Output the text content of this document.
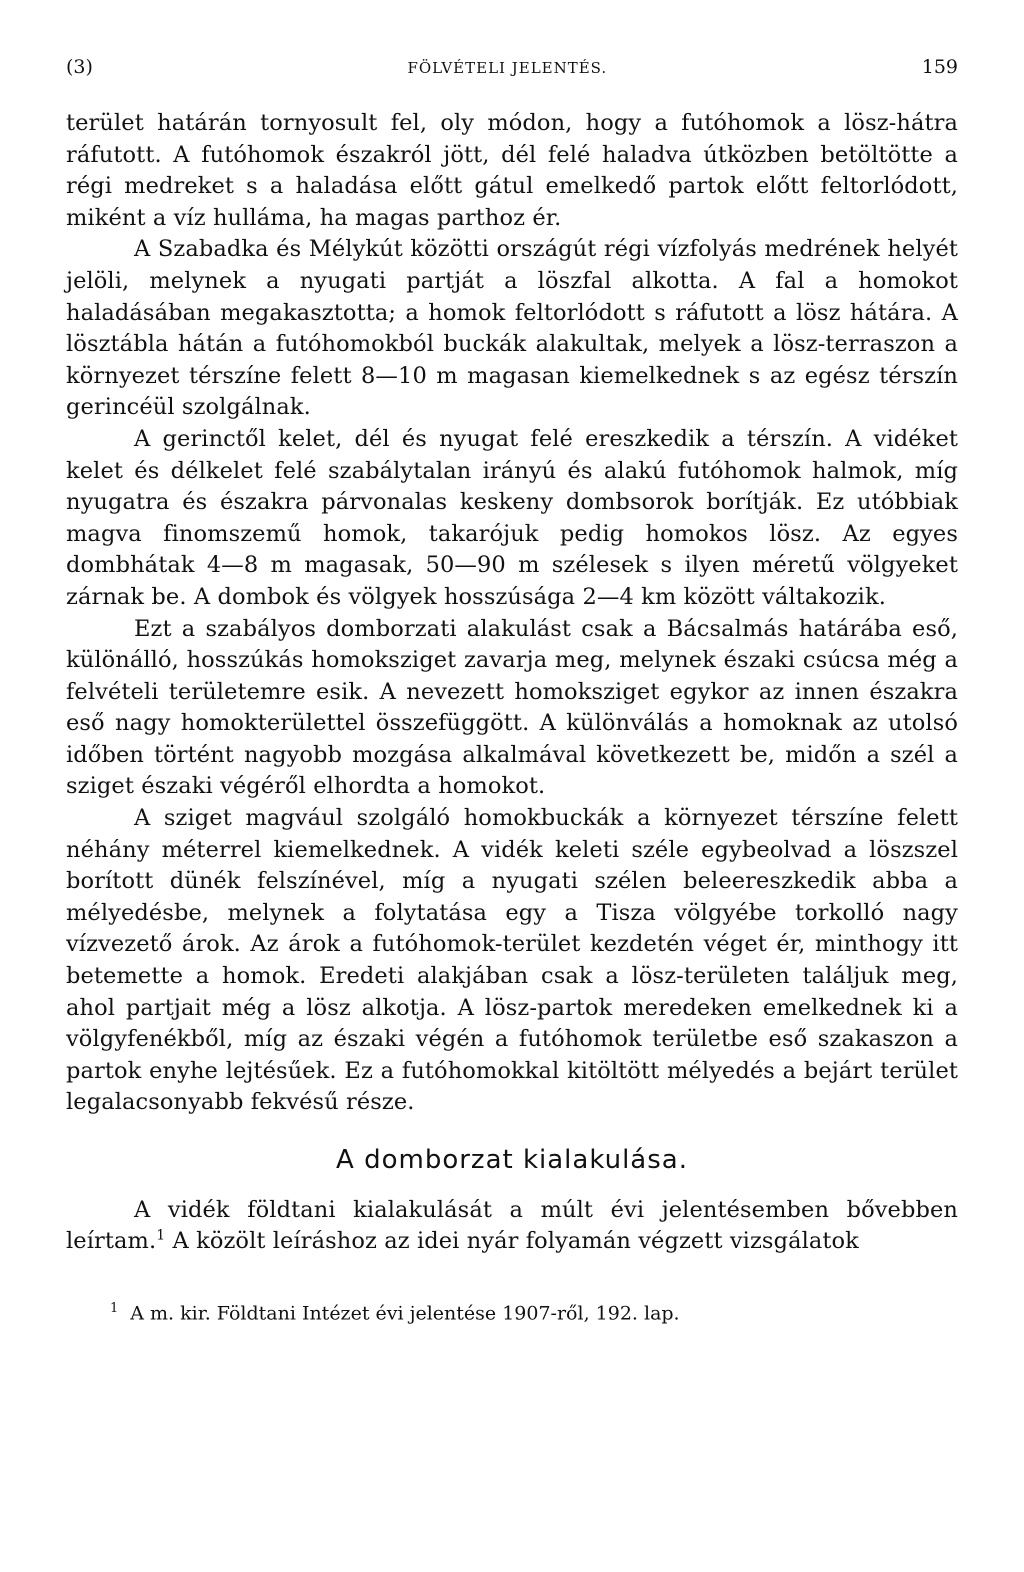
(3)	FÖLVÉTELI JELENTÉS.	159

terület határán tornyosult fel, oly módon, hogy a futóhomok a lösz-hátra ráfutott. A futóhomok északról jött, dél felé haladva útközben betöltötte a régi medreket s a haladása előtt gátul emelkedő partok előtt feltorlódott, miként a víz hulláma, ha magas parthoz ér.

A Szabadka és Mélykút közötti országút régi vízfolyás medrének helyét jelöli, melynek a nyugati partját a löszfal alkotta. A fal a homokot haladásában megakasztotta; a homok feltorlódott s ráfutott a lösz hátára. A lösztábla hátán a futóhomokból buckák alakultak, melyek a lösz-terraszon a környezet térszíne felett 8—10 m magasan kiemelkednek s az egész térszín gerincéül szolgálnak.

A gerinctől kelet, dél és nyugat felé ereszkedik a térszín. A vidéket kelet és délkelet felé szabálytalan irányú és alakú futóhomok halmok, míg nyugatra és északra párvonalas keskeny dombsorok borítják. Ez utóbbiak magva finomszemű homok, takarójuk pedig homokos lösz. Az egyes dombhátak 4—8 m magasak, 50—90 m szélesek s ilyen méretű völgyeket zárnak be. A dombok és völgyek hosszúsága 2—4 km között váltakozik.

Ezt a szabályos domborzati alakulást csak a Bácsalmás határába eső, különálló, hosszúkás homoksziget zavarja meg, melynek északi csúcsa még a felvételi területemre esik. A nevezett homoksziget egykor az innen északra eső nagy homokterülettel összefüggött. A különválás a homoknak az utolsó időben történt nagyobb mozgása alkalmával következett be, midőn a szél a sziget északi végéről elhordta a homokot.

A sziget magvául szolgáló homokbuckák a környezet térszíne felett néhány méterrel kiemelkednek. A vidék keleti széle egybeolvad a löszszel borított dünék felszínével, míg a nyugati szélen beleereszkedik abba a mélyedésbe, melynek a folytatása egy a Tisza völgyébe torkolló nagy vízvezető árok. Az árok a futóhomok-terület kezdetén véget ér, minthogy itt betemette a homok. Eredeti alakjában csak a lösz-területen találjuk meg, ahol partjait még a lösz alkotja. A lösz-partok meredeken emelkednek ki a völgyfenékből, míg az északi végén a futóhomok területbe eső szakaszon a partok enyhe lejtésűek. Ez a futóhomokkal kitöltött mélyedés a bejárt terület legalacsonyabb fekvésű része.

A domborzat kialakulása.

A vidék földtani kialakulását a múlt évi jelentésemben bővebben leírtam.$^1$ A közölt leíráshoz az idei nyár folyamán végzett vizsgálatok

$^1$ A m. kir. Földtani Intézet évi jelentése 1907-ről, 192. lap.
